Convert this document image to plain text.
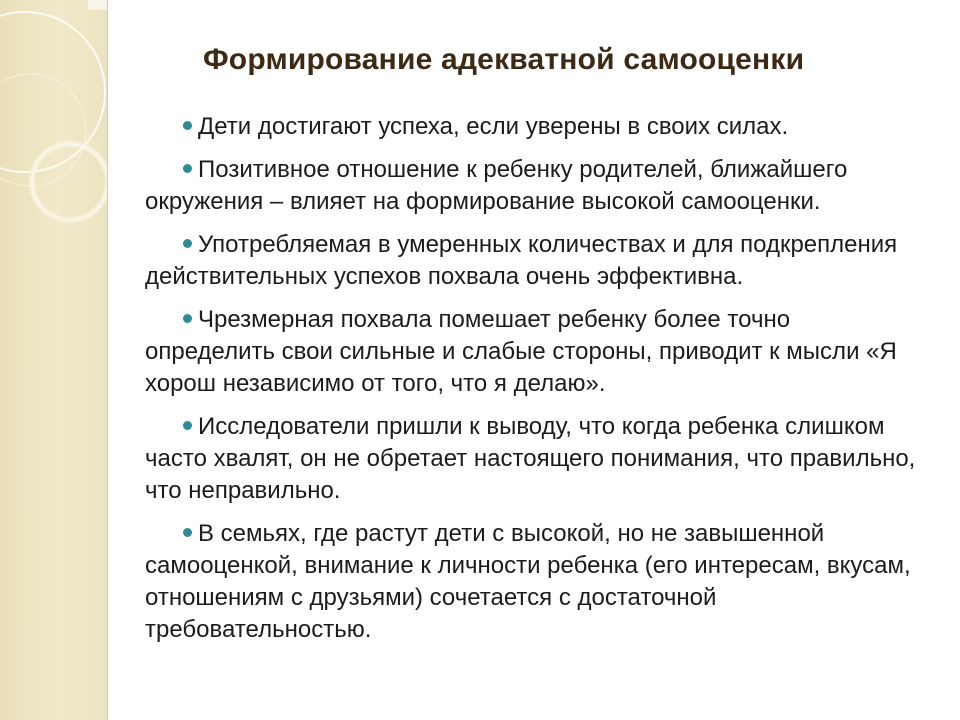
Формирование адекватной самооценки

Дети достигают успеха, если уверены в своих силах.

Позитивное отношение к ребенку родителей, ближайшего окружения – влияет на формирование высокой самооценки.

Употребляемая в умеренных количествах и для подкрепления действительных успехов похвала очень эффективна.

Чрезмерная похвала помешает ребенку более точно определить свои сильные и слабые стороны, приводит к мысли «Я хорош независимо от того, что я делаю».

Исследователи пришли к выводу, что когда ребенка слишком часто хвалят, он не обретает настоящего понимания, что правильно, что неправильно.

В семьях, где растут дети с высокой, но не завышенной самооценкой, внимание к личности ребенка (его интересам, вкусам, отношениям с друзьями) сочетается с достаточной требовательностью.
